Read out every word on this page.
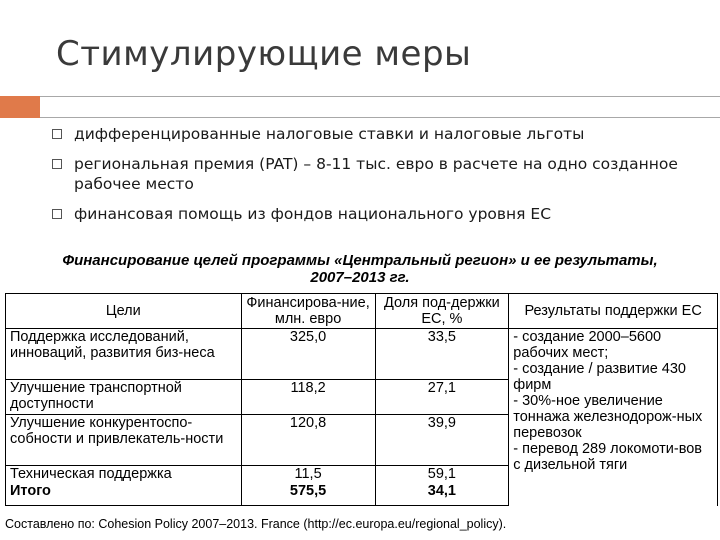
Стимулирующие меры
дифференцированные налоговые ставки и налоговые льготы
региональная премия (PAT) – 8-11 тыс. евро в расчете на одно созданное рабочее место
финансовая помощь из фондов национального уровня ЕС
Финансирование целей программы «Центральный регион» и ее результаты,
2007–2013 гг.
Цели	Финансирова-ние, млн. евро	Доля под-держки ЕС, %	Результаты поддержки ЕС
Поддержка исследований, инноваций, развития биз-неса	325,0	33,5	- создание 2000–5600 рабочих мест;
- создание / развитие 430 фирм
- 30%-ное увеличение тоннажа железнодорож-ных перевозок
- перевод 289 локомоти-вов с дизельной тяги
Улучшение транспортной доступности	118,2	27,1	
Улучшение конкурентоспо-собности и привлекатель-ности	120,8	39,9	
Техническая поддержка	11,5	59,1	
Итого	575,5	34,1	
Составлено по: Cohesion Policy 2007–2013. France (http://ec.europa.eu/regional_policy).
